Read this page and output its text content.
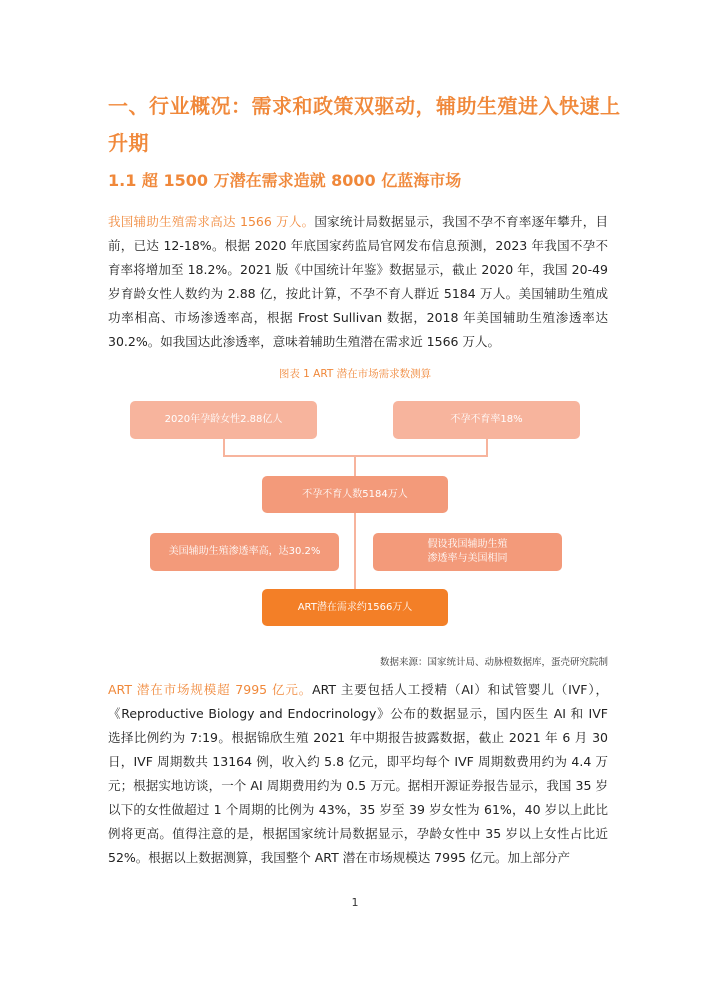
一、行业概况：需求和政策双驱动，辅助生殖进入快速上升期
1.1 超 1500 万潜在需求造就 8000 亿蓝海市场
我国辅助生殖需求高达 1566 万人。国家统计局数据显示，我国不孕不育率逐年攀升，目前，已达 12-18%。根据 2020 年底国家药监局官网发布信息预测，2023 年我国不孕不育率将增加至 18.2%。2021 版《中国统计年鉴》数据显示，截止 2020 年，我国 20-49 岁育龄女性人数约为 2.88 亿，按此计算，不孕不育人群近 5184 万人。美国辅助生殖成功率相高、市场渗透率高，根据 Frost Sullivan 数据，2018 年美国辅助生殖渗透率达 30.2%。如我国达此渗透率，意味着辅助生殖潜在需求近 1566 万人。
图表 1 ART 潜在市场需求数测算
2020年孕龄女性2.88亿人	不孕不育率18%
不孕不育人数5184万人
美国辅助生殖渗透率高，达30.2%
假设我国辅助生殖
渗透率与美国相同
ART潜在需求约1566万人
数据来源：国家统计局、动脉橙数据库，蛋壳研究院制
ART 潜在市场规模超 7995 亿元。ART 主要包括人工授精（AI）和试管婴儿（IVF），《Reproductive Biology and Endocrinology》公布的数据显示，国内医生 AI 和 IVF 选择比例约为 7:19。根据锦欣生殖 2021 年中期报告披露数据，截止 2021 年 6 月 30 日，IVF 周期数共 13164 例，收入约 5.8 亿元，即平均每个 IVF 周期数费用约为 4.4 万元；根据实地访谈，一个 AI 周期费用约为 0.5 万元。据相开源证券报告显示，我国 35 岁以下的女性做超过 1 个周期的比例为 43%，35 岁至 39 岁女性为 61%，40 岁以上此比例将更高。值得注意的是，根据国家统计局数据显示，孕龄女性中 35 岁以上女性占比近 52%。根据以上数据测算，我国整个 ART 潜在市场规模达 7995 亿元。加上部分产
1
